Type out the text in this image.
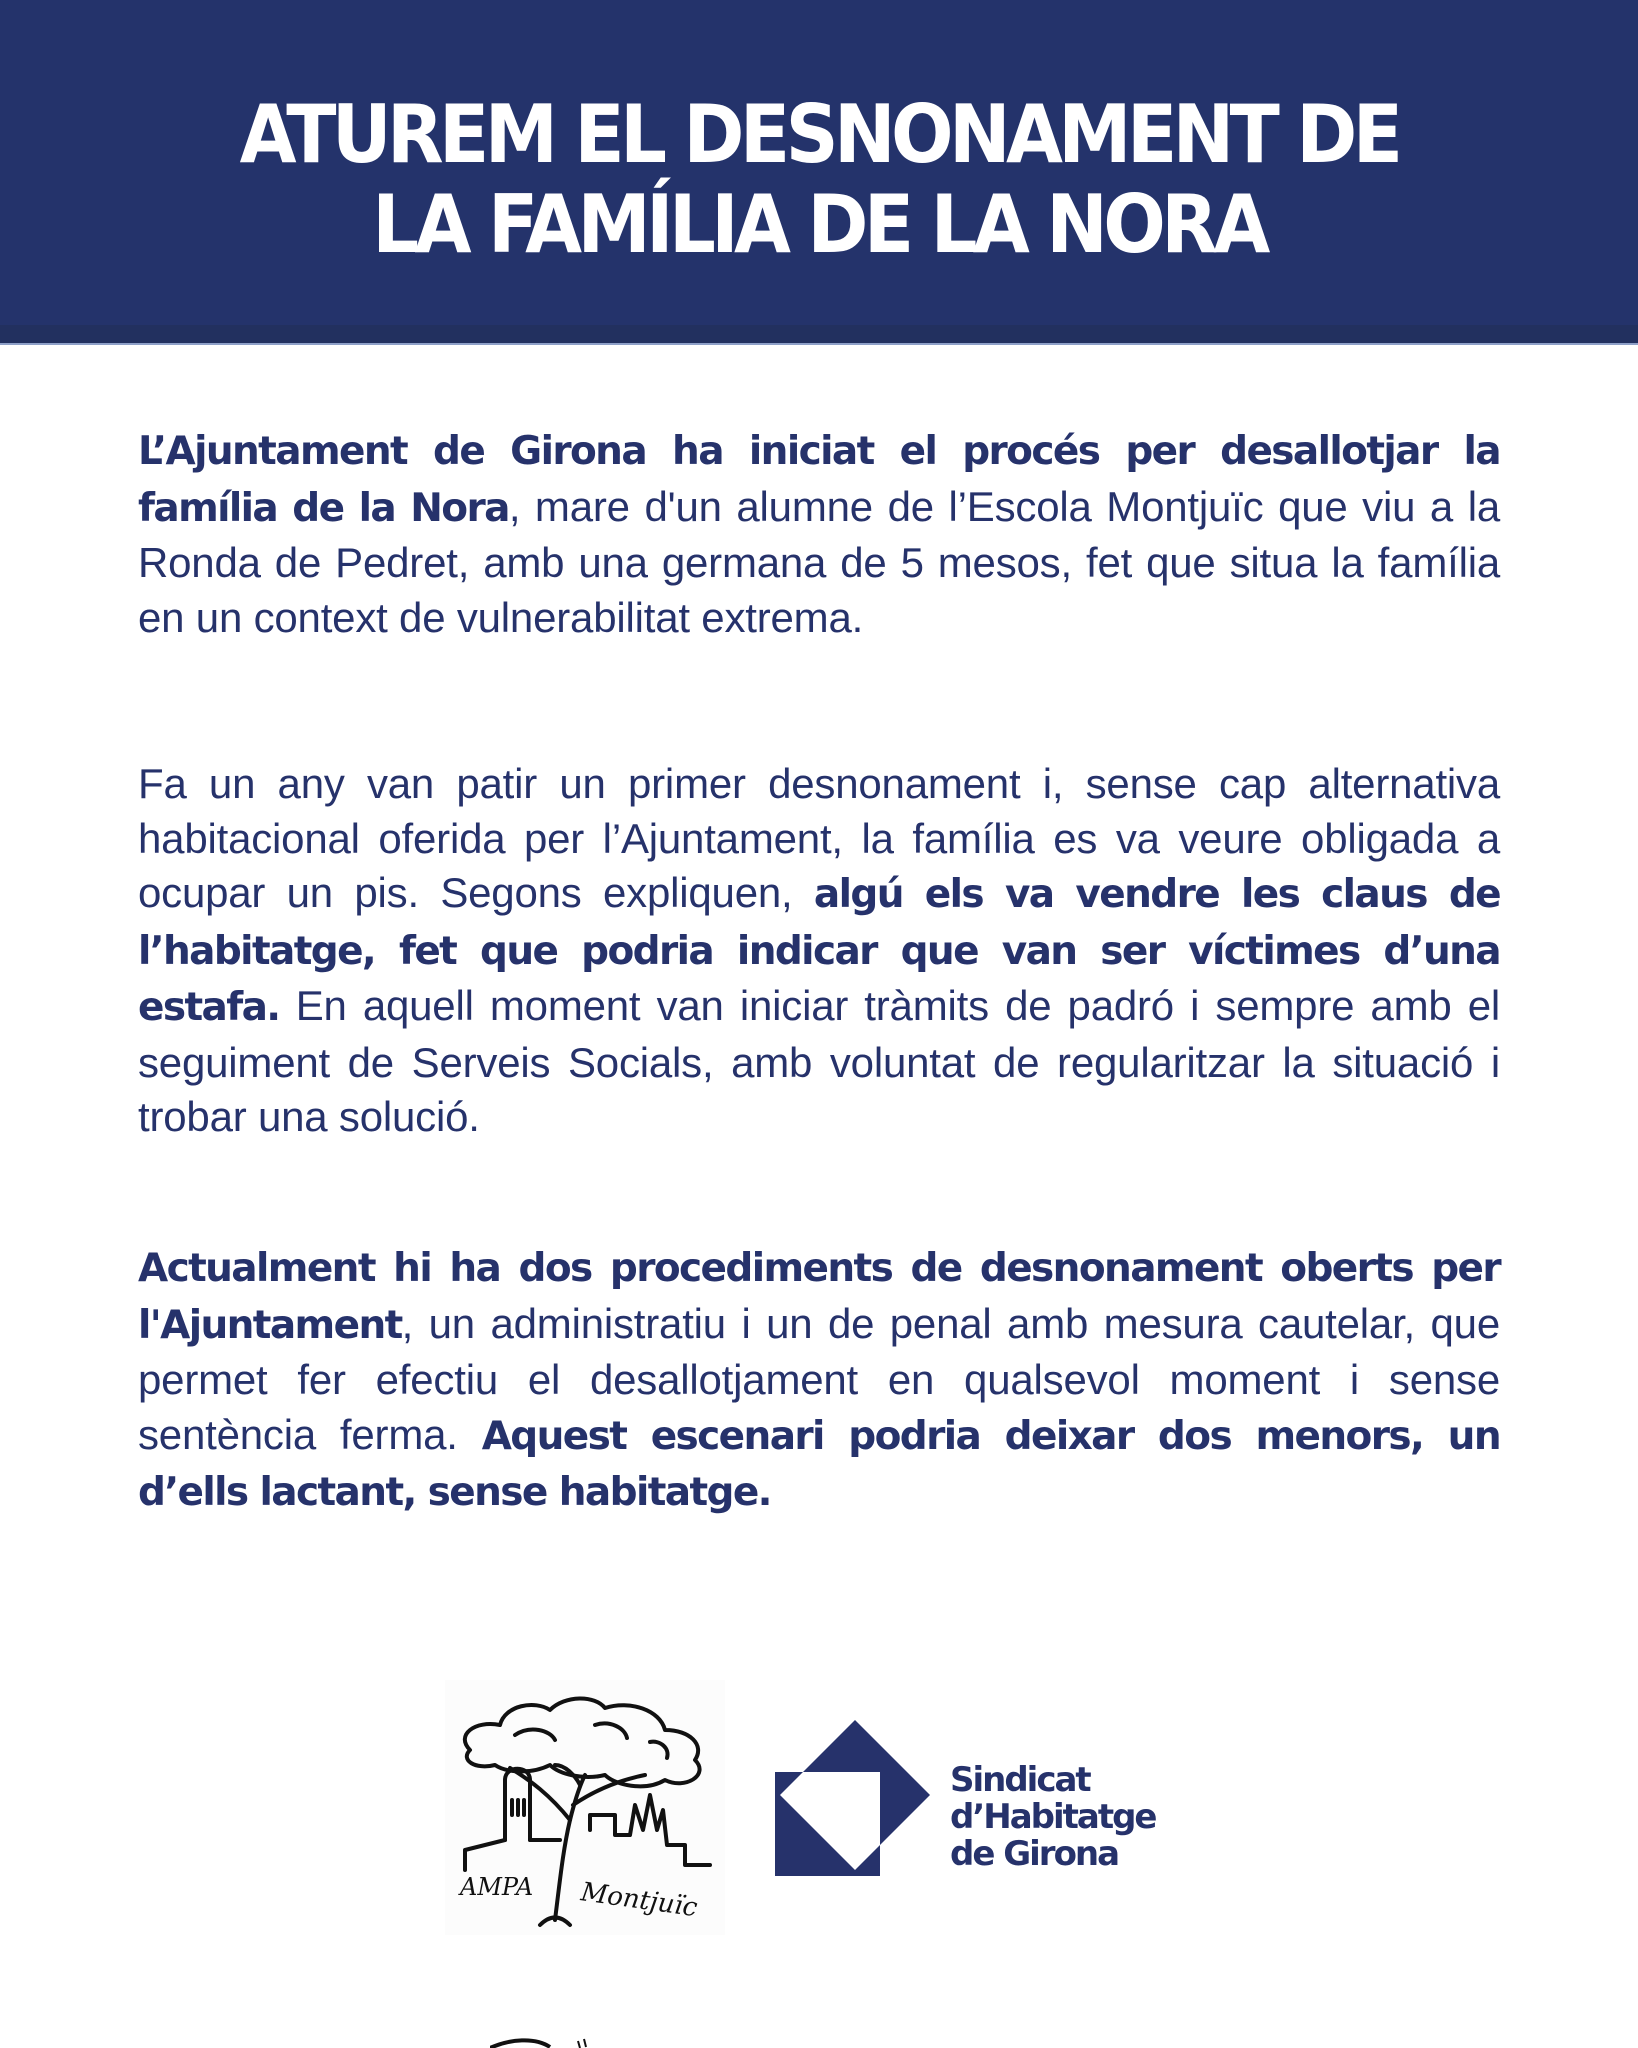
ATUREM EL DESNONAMENT DE
LA FAMÍLIA DE LA NORA

L’Ajuntament de Girona ha iniciat el procés per desallotjar la família de la Nora, mare d'un alumne de l’Escola Montjuïc que viu a la Ronda de Pedret, amb una germana de 5 mesos, fet que situa la família en un context de vulnerabilitat extrema.

Fa un any van patir un primer desnonament i, sense cap alternativa habitacional oferida per l’Ajuntament, la família es va veure obligada a ocupar un pis. Segons expliquen, algú els va vendre les claus de l’habitatge, fet que podria indicar que van ser víctimes d’una estafa. En aquell moment van iniciar tràmits de padró i sempre amb el seguiment de Serveis Socials, amb voluntat de regularitzar la situació i trobar una solució.

Actualment hi ha dos procediments de desnonament oberts per l'Ajuntament, un administratiu i un de penal amb mesura cautelar, que permet fer efectiu el desallotjament en qualsevol moment i sense sentència ferma. Aquest escenari podria deixar dos menors, un d’ells lactant, sense habitatge.

AMPA Montjuïc
Sindicat
d’Habitatge
de Girona
